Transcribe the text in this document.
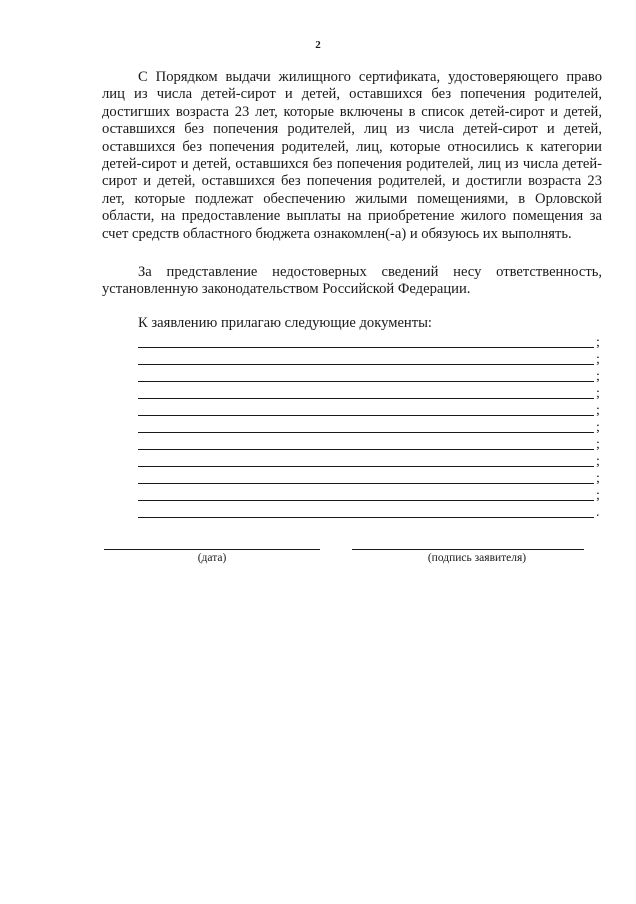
2

С Порядком выдачи жилищного сертификата, удостоверяющего право лиц из числа детей-сирот и детей, оставшихся без попечения родителей, достигших возраста 23 лет, которые включены в список детей-сирот и детей, оставшихся без попечения родителей, лиц из числа детей-сирот и детей, оставшихся без попечения родителей, лиц, которые относились к категории детей-сирот и детей, оставшихся без попечения родителей, лиц из числа детей-сирот и детей, оставшихся без попечения родителей, и достигли возраста 23 лет, которые подлежат обеспечению жилыми помещениями, в Орловской области, на предоставление выплаты на приобретение жилого помещения за счет средств областного бюджета ознакомлен(-а) и обязуюсь их выполнять.

За представление недостоверных сведений несу ответственность, установленную законодательством Российской Федерации.

К заявлению прилагаю следующие документы:

;
;
;
;
;
;
;
;
;
;
.
(дата)	(подпись заявителя)
